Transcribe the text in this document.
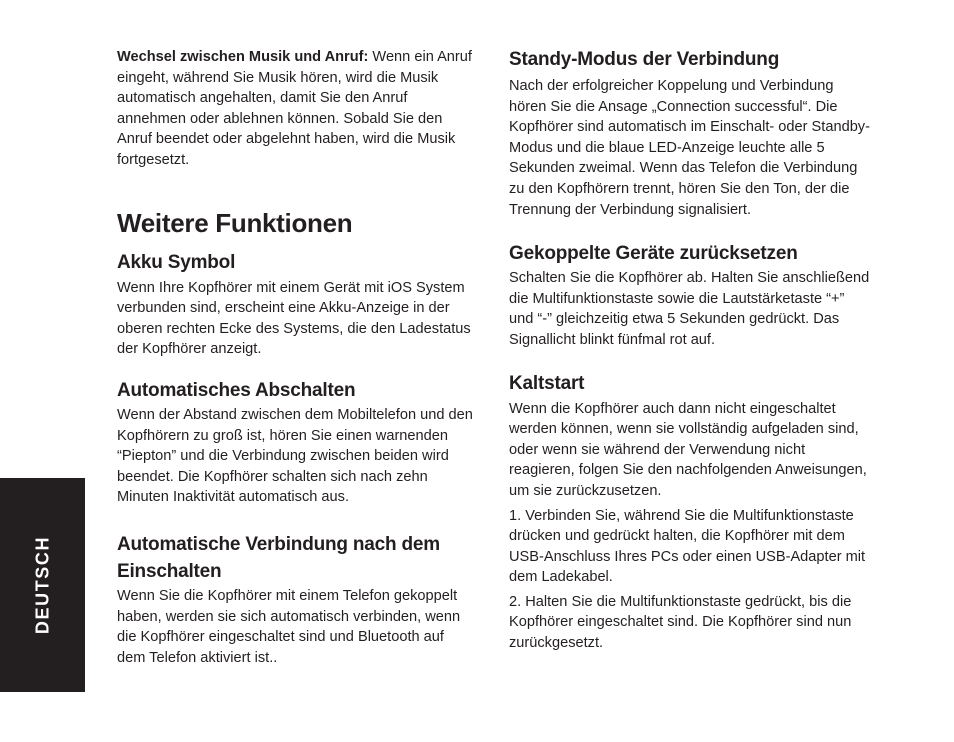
Wechsel zwischen Musik und Anruf: Wenn ein Anruf eingeht, während Sie Musik hören, wird die Musik automatisch angehalten, damit Sie den Anruf annehmen oder ablehnen können. Sobald Sie den Anruf beendet oder abgelehnt haben, wird die Musik fortgesetzt.

Weitere Funktionen
Akku Symbol

Wenn Ihre Kopfhörer mit einem Gerät mit iOS System verbunden sind, erscheint eine Akku-Anzeige in der oberen rechten Ecke des Systems, die den Ladestatus der Kopfhörer anzeigt.

Automatisches Abschalten

Wenn der Abstand zwischen dem Mobiltelefon und den Kopfhörern zu groß ist, hören Sie einen warnenden “Piepton” und die Verbindung zwischen beiden wird beendet. Die Kopfhörer schalten sich nach zehn Minuten Inaktivität automatisch aus.

Automatische Verbindung nach dem Einschalten

Wenn Sie die Kopfhörer mit einem Telefon gekoppelt haben, werden sie sich automatisch verbinden, wenn die Kopfhörer eingeschaltet sind und Bluetooth auf dem Telefon aktiviert ist..

Standy-Modus der Verbindung

Nach der erfolgreicher Koppelung und Verbindung hören Sie die Ansage „Connection successful“. Die Kopfhörer sind automatisch im Einschalt- oder Standby-Modus und die blaue LED-Anzeige leuchte alle 5 Sekunden zweimal. Wenn das Telefon die Verbindung zu den Kopfhörern trennt, hören Sie den Ton, der die Trennung der Verbindung signalisiert.

Gekoppelte Geräte zurücksetzen

Schalten Sie die Kopfhörer ab. Halten Sie anschließend die Multifunktionstaste sowie die Lautstärketaste “+” und “-” gleichzeitig etwa 5 Sekunden gedrückt. Das Signallicht blinkt fünfmal rot auf.

Kaltstart

Wenn die Kopfhörer auch dann nicht eingeschaltet werden können, wenn sie vollständig aufgeladen sind, oder wenn sie während der Verwendung nicht reagieren, folgen Sie den nachfolgenden Anweisungen, um sie zurückzusetzen.

1. Verbinden Sie, während Sie die Multifunktionstaste drücken und gedrückt halten, die Kopfhörer mit dem USB-Anschluss Ihres PCs oder einen USB-Adapter mit dem Ladekabel.

2. Halten Sie die Multifunktionstaste gedrückt, bis die Kopfhörer eingeschaltet sind. Die Kopfhörer sind nun zurückgesetzt.

DEUTSCH
